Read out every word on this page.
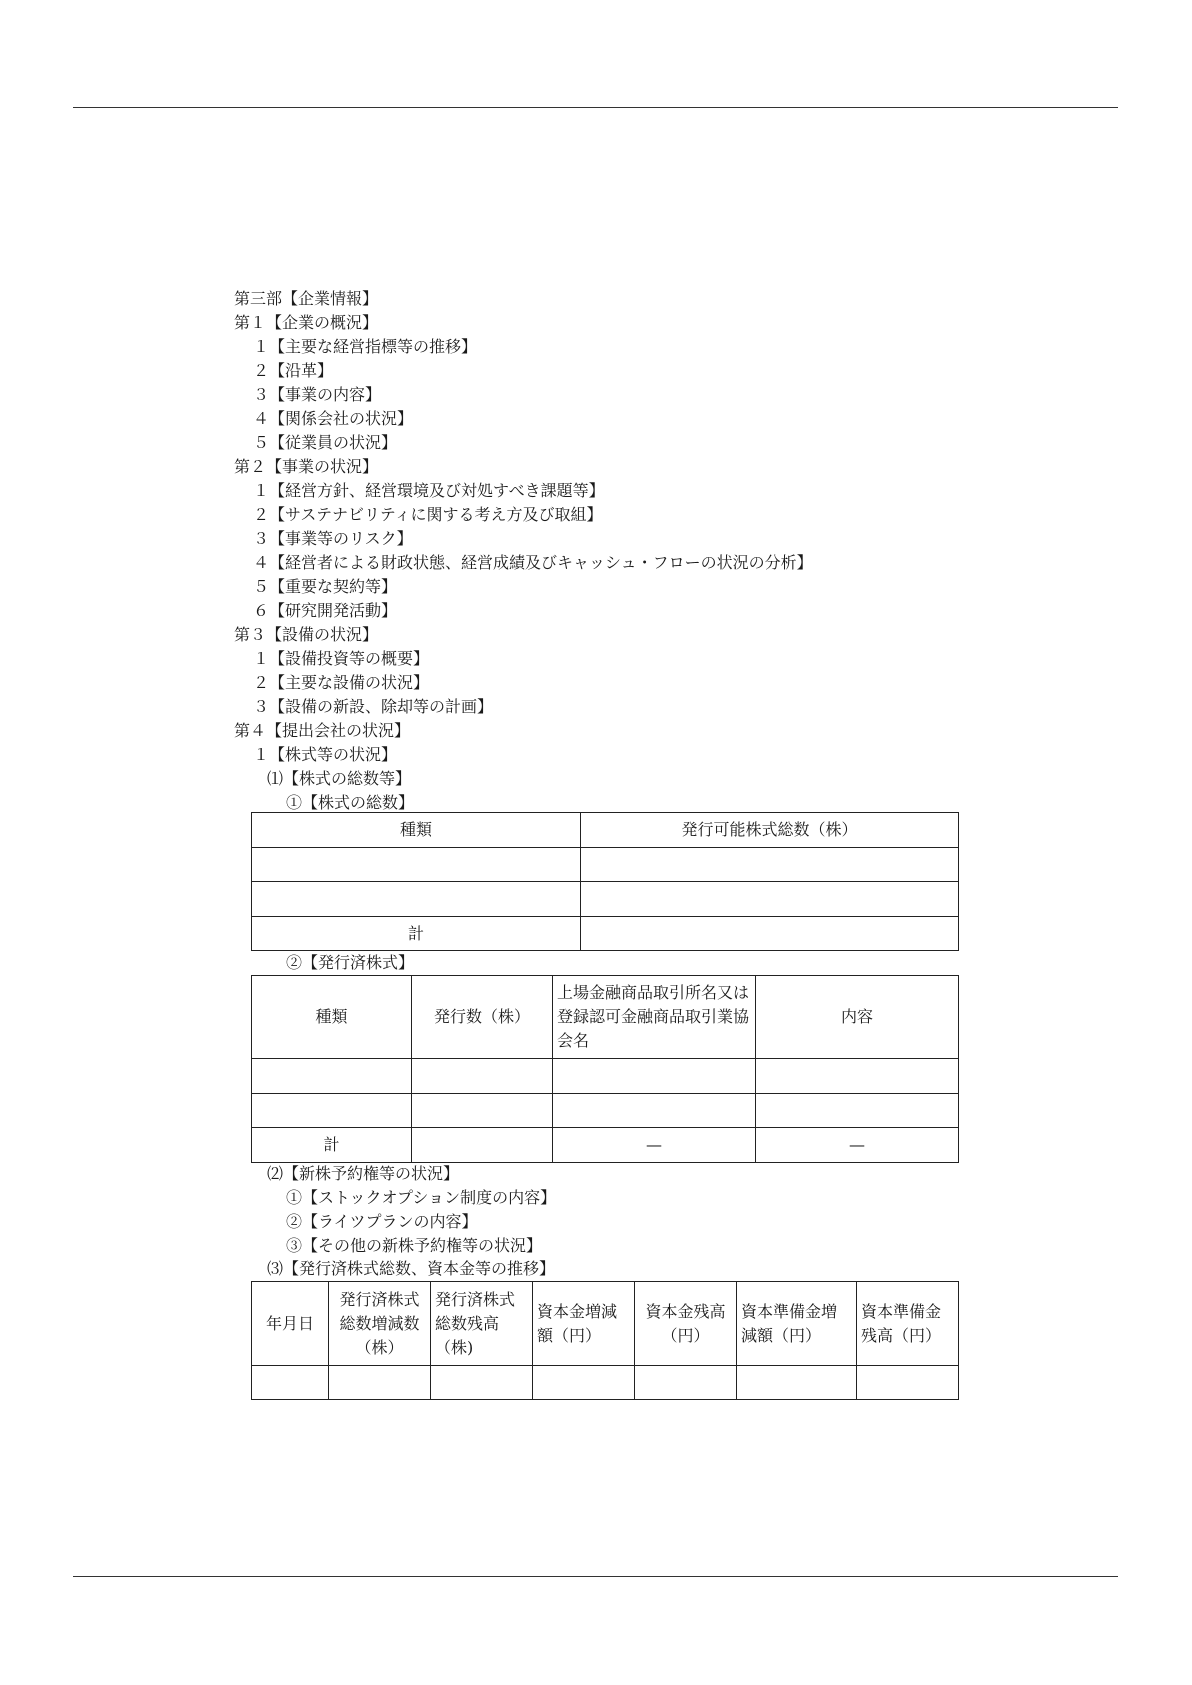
第三部【企業情報】
第１【企業の概況】
１【主要な経営指標等の推移】
２【沿革】
３【事業の内容】
４【関係会社の状況】
５【従業員の状況】
第２【事業の状況】
１【経営方針、経営環境及び対処すべき課題等】
２【サステナビリティに関する考え方及び取組】
３【事業等のリスク】
４【経営者による財政状態、経営成績及びキャッシュ・フローの状況の分析】
５【重要な契約等】
６【研究開発活動】
第３【設備の状況】
１【設備投資等の概要】
２【主要な設備の状況】
３【設備の新設、除却等の計画】
第４【提出会社の状況】
１【株式等の状況】
⑴【株式の総数等】
①【株式の総数】
種類	発行可能株式総数（株）

計	
②【発行済株式】
種類	発行数（株）	上場金融商品取引所名又は登録認可金融商品取引業協会名	内容

計		—	—
⑵【新株予約権等の状況】
①【ストックオプション制度の内容】
②【ライツプランの内容】
③【その他の新株予約権等の状況】
⑶【発行済株式総数、資本金等の推移】
年月日	発行済株式総数増減数（株）	発行済株式総数残高（株)	資本金増減額（円）	資本金残高（円）	資本準備金増減額（円）	資本準備金残高（円）
